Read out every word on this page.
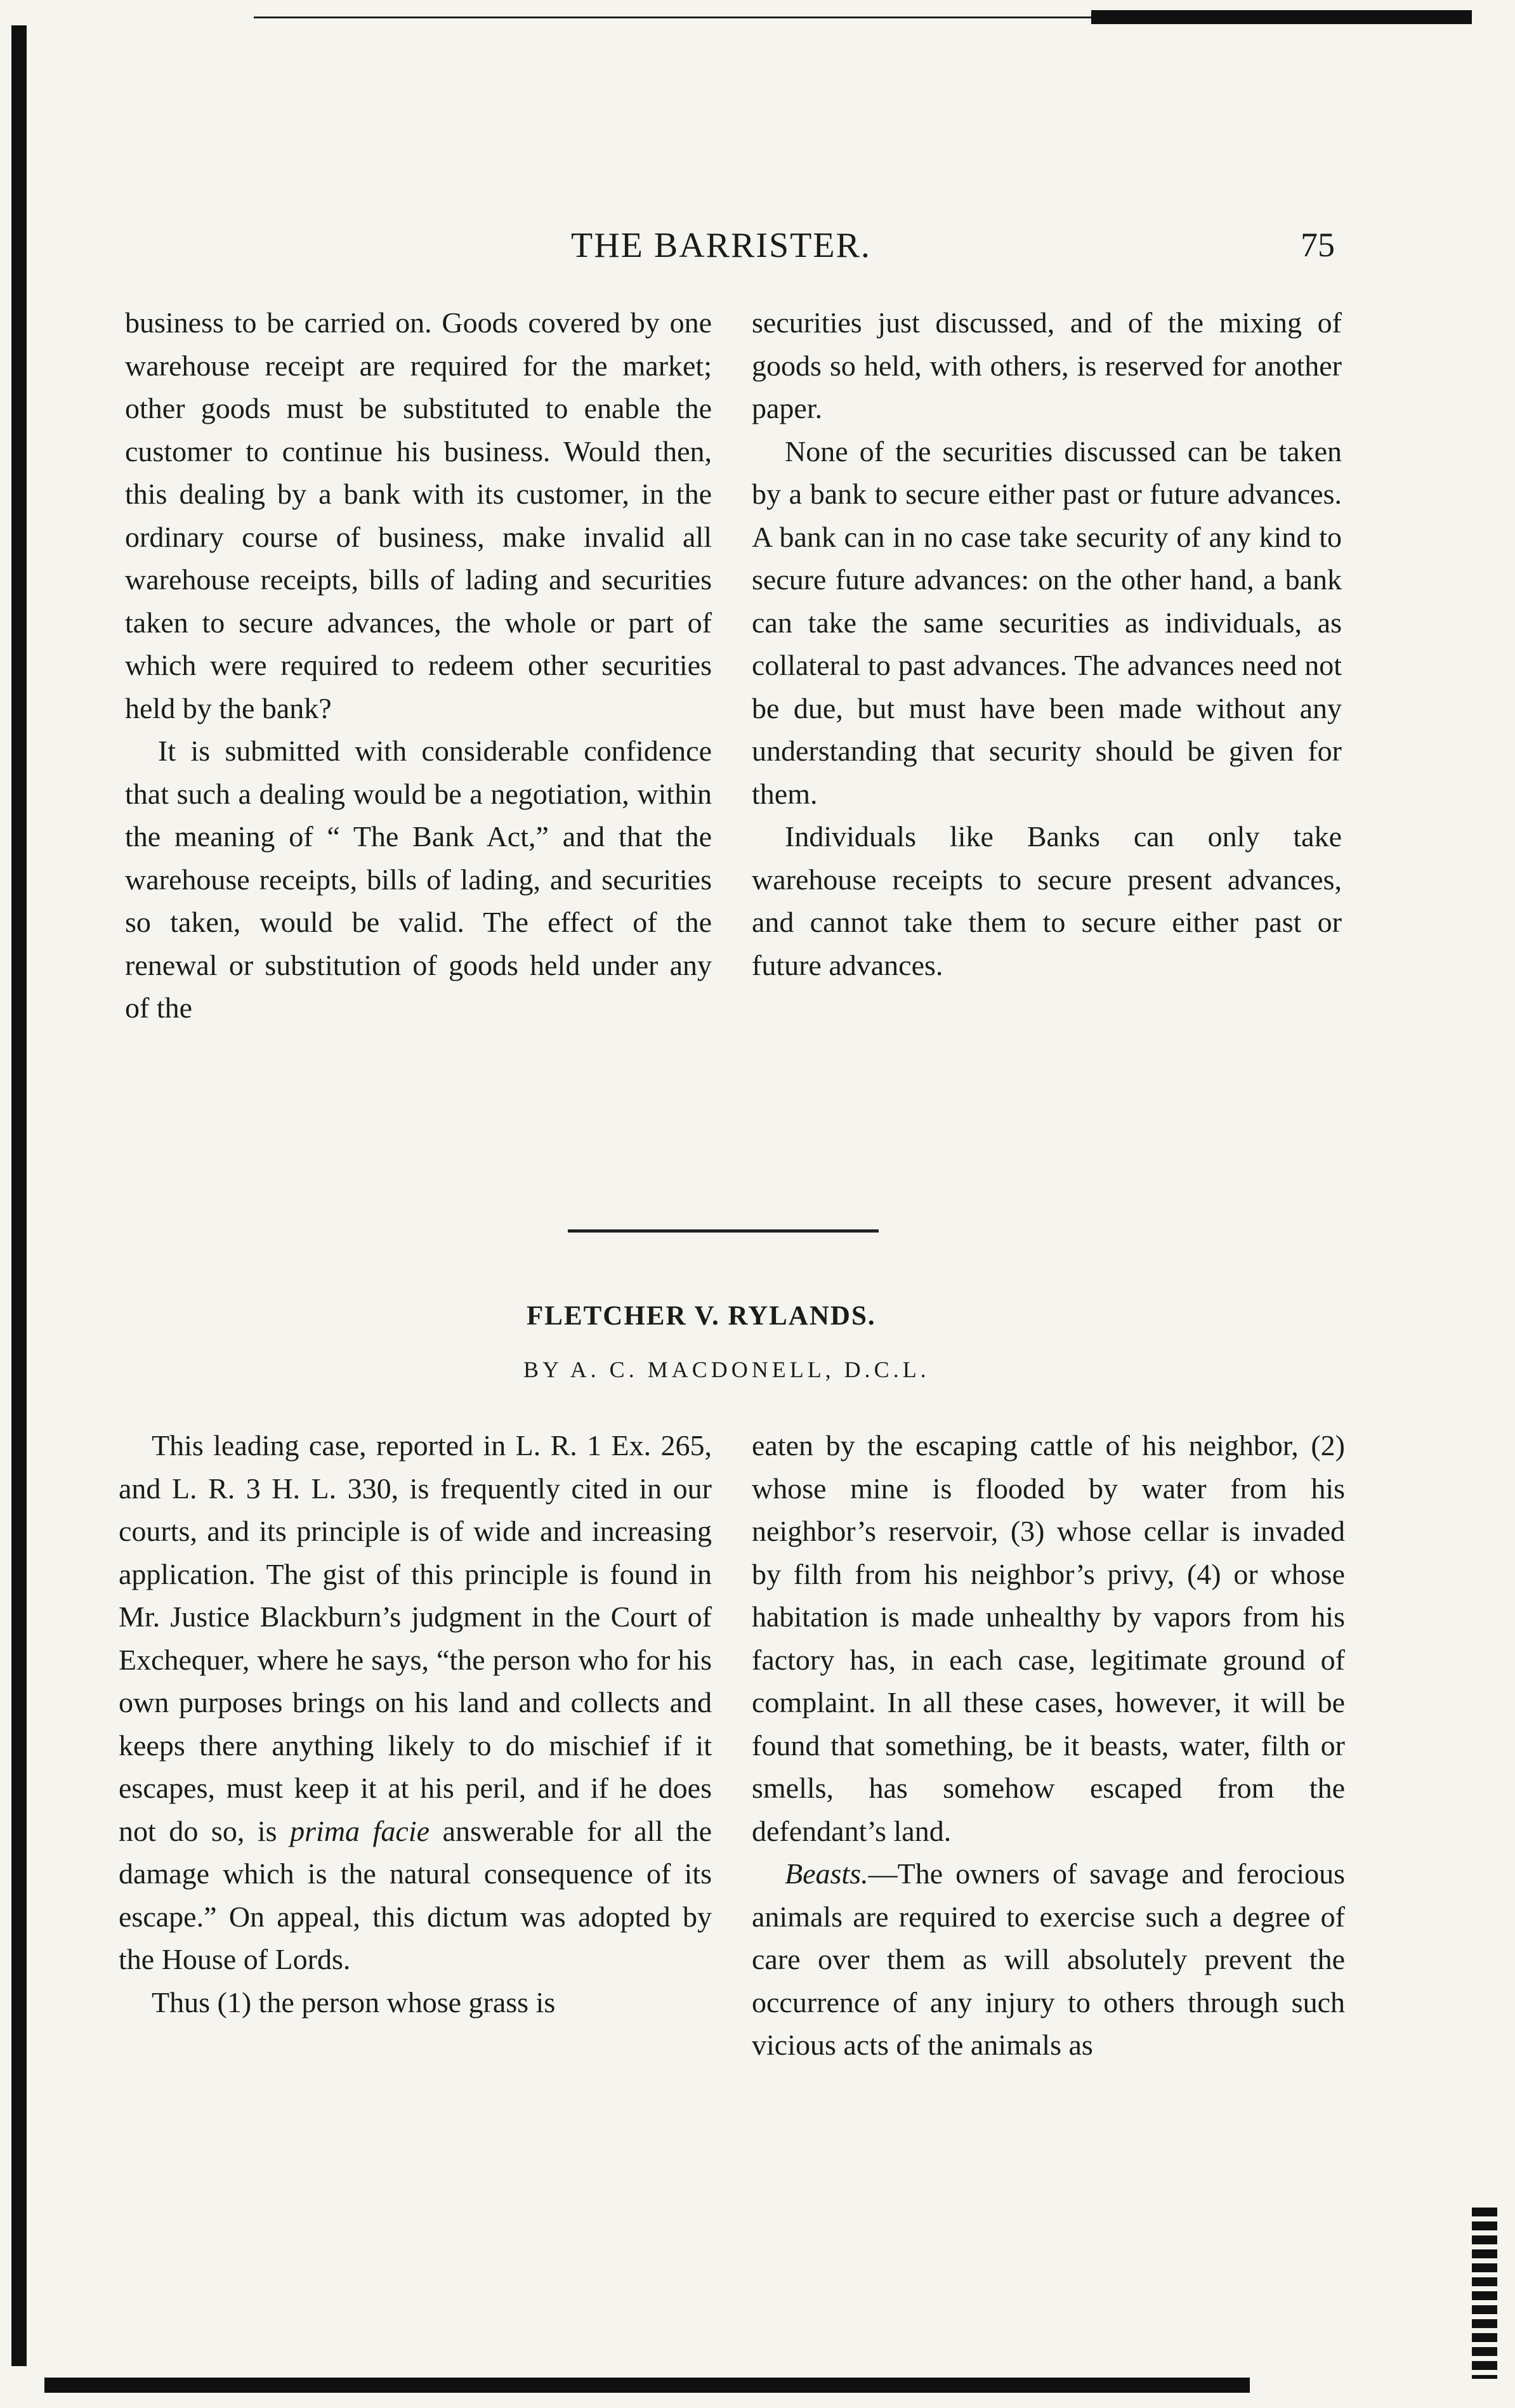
THE BARRISTER.	75

business to be carried on. Goods covered by one warehouse receipt are required for the market; other goods must be substituted to enable the customer to continue his business. Would then, this dealing by a bank with its customer, in the ordinary course of business, make invalid all warehouse receipts, bills of lading and securities taken to secure advances, the whole or part of which were required to redeem other securities held by the bank?

It is submitted with considerable confidence that such a dealing would be a negotiation, within the meaning of “ The Bank Act,” and that the warehouse receipts, bills of lading, and securities so taken, would be valid. The effect of the renewal or substitution of goods held under any of the

securities just discussed, and of the mixing of goods so held, with others, is reserved for another paper.

None of the securities discussed can be taken by a bank to secure either past or future advances. A bank can in no case take security of any kind to secure future advances: on the other hand, a bank can take the same securities as individuals, as collateral to past advances. The advances need not be due, but must have been made without any understanding that security should be given for them.

Individuals like Banks can only take warehouse receipts to secure present advances, and cannot take them to secure either past or future advances.

FLETCHER V. RYLANDS.
BY A. C. MACDONELL, D.C.L.

This leading case, reported in L. R. 1 Ex. 265, and L. R. 3 H. L. 330, is frequently cited in our courts, and its principle is of wide and increasing application. The gist of this principle is found in Mr. Justice Blackburn’s judgment in the Court of Exchequer, where he says, “the person who for his own purposes brings on his land and collects and keeps there anything likely to do mischief if it escapes, must keep it at his peril, and if he does not do so, is prima facie answerable for all the damage which is the natural consequence of its escape.” On appeal, this dictum was adopted by the House of Lords.

Thus (1) the person whose grass is

eaten by the escaping cattle of his neighbor, (2) whose mine is flooded by water from his neighbor’s reservoir, (3) whose cellar is invaded by filth from his neighbor’s privy, (4) or whose habitation is made unhealthy by vapors from his factory has, in each case, legitimate ground of complaint. In all these cases, however, it will be found that something, be it beasts, water, filth or smells, has somehow escaped from the defendant’s land.

Beasts.—The owners of savage and ferocious animals are required to exercise such a degree of care over them as will absolutely prevent the occurrence of any injury to others through such vicious acts of the animals as
